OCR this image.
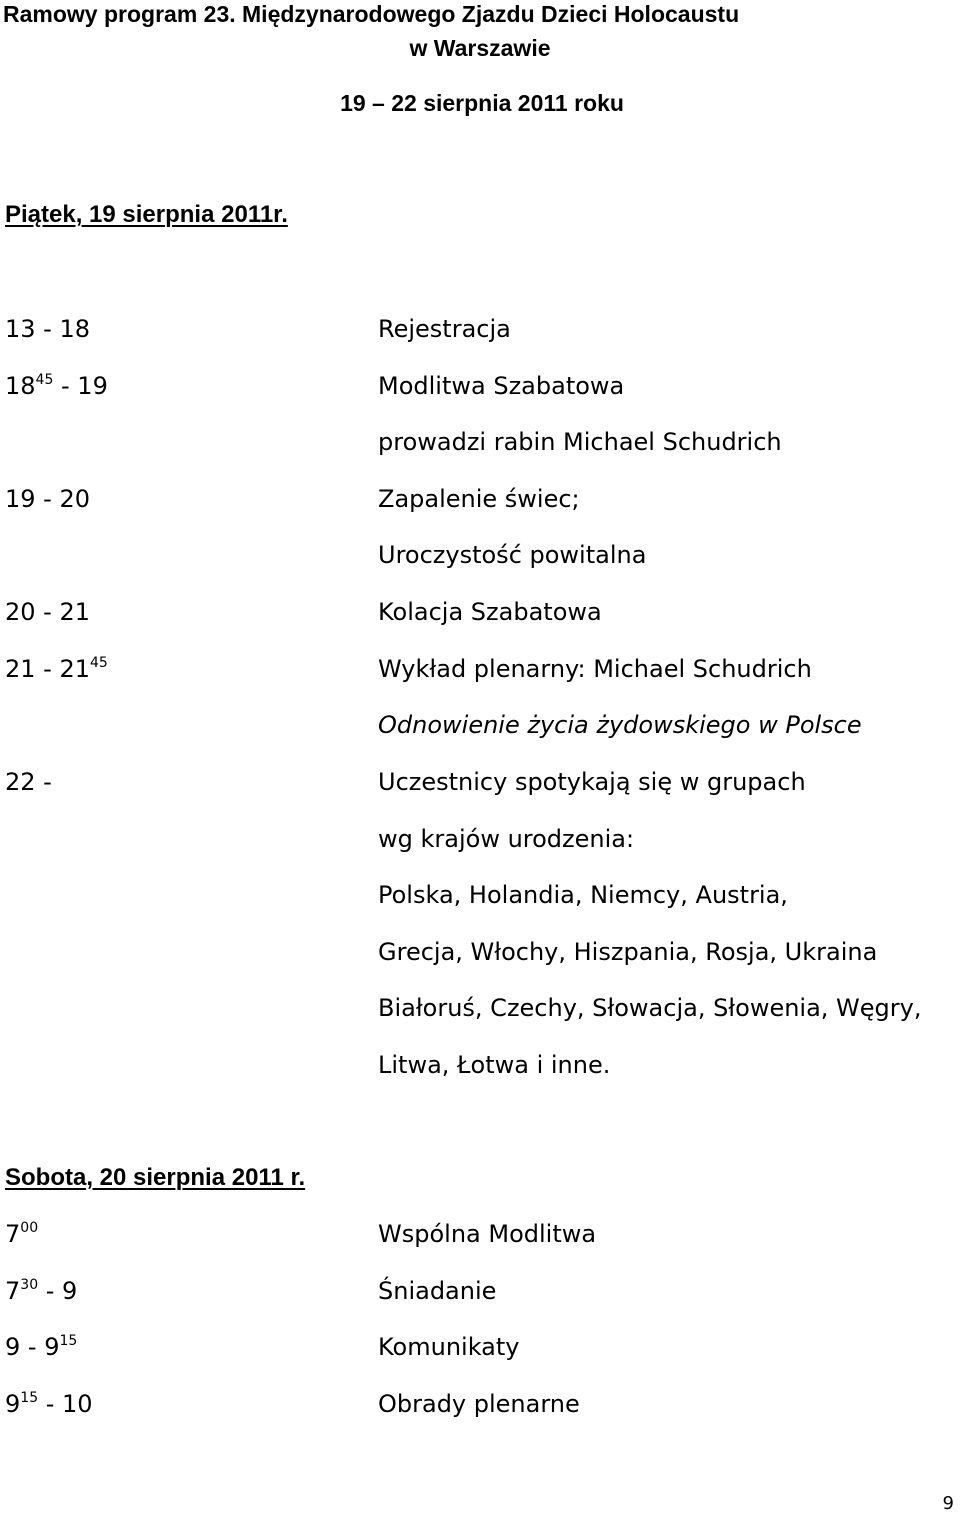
Ramowy program 23. Międzynarodowego Zjazdu Dzieci Holocaustu
w Warszawie
19 – 22 sierpnia 2011 roku
Piątek, 19 sierpnia 2011r.
13 - 18	Rejestracja
$18^{45} - 19$	Modlitwa Szabatowa
prowadzi rabin Michael Schudrich
19 - 20	Zapalenie świec;
Uroczystość powitalna
20 - 21	Kolacja Szabatowa
$21 - 21^{45}$	Wykład plenarny: Michael Schudrich
Odnowienie życia żydowskiego w Polsce
22 -	Uczestnicy spotykają się w grupach
wg krajów urodzenia:
Polska, Holandia, Niemcy, Austria,
Grecja, Włochy, Hiszpania, Rosja, Ukraina
Białoruś, Czechy, Słowacja, Słowenia, Węgry,
Litwa, Łotwa i inne.
Sobota, 20 sierpnia 2011 r.
$7^{00}$	Wspólna Modlitwa
$7^{30} - 9$	Śniadanie
$9 - 9^{15}$	Komunikaty
$9^{15} - 10$	Obrady plenarne
9
